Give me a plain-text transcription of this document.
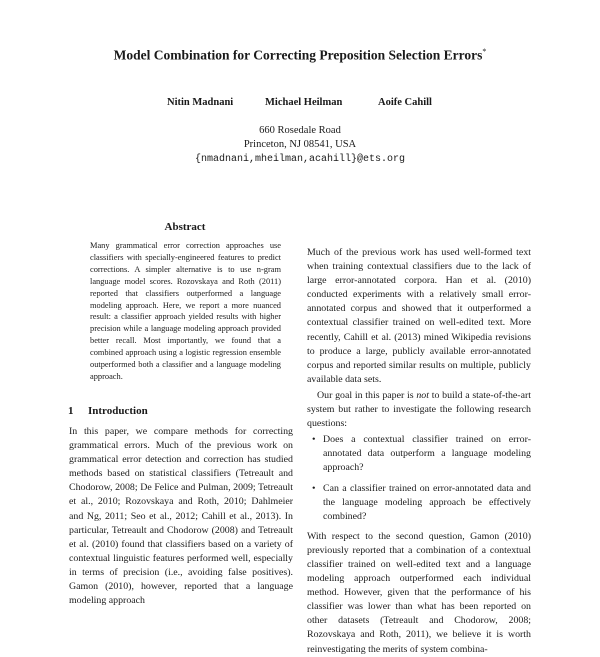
Model Combination for Correcting Preposition Selection Errors*
Nitin Madnani	Michael Heilman	Aoife Cahill
660 Rosedale Road
Princeton, NJ 08541, USA
{nmadnani,mheilman,acahill}@ets.org
Abstract

Many grammatical error correction approaches use classifiers with specially-engineered features to predict corrections. A simpler alternative is to use n-gram language model scores. Rozovskaya and Roth (2011) reported that classifiers outperformed a language modeling approach. Here, we report a more nuanced result: a classifier approach yielded results with higher precision while a language modeling approach provided better recall. Most importantly, we found that a combined approach using a logistic regression ensemble outperformed both a classifier and a language modeling approach.

1 Introduction

In this paper, we compare methods for correcting grammatical errors. Much of the previous work on grammatical error detection and correction has studied methods based on statistical classifiers (Tetreault and Chodorow, 2008; De Felice and Pulman, 2009; Tetreault et al., 2010; Rozovskaya and Roth, 2010; Dahlmeier and Ng, 2011; Seo et al., 2012; Cahill et al., 2013). In particular, Tetreault and Chodorow (2008) and Tetreault et al. (2010) found that classifiers based on a variety of contextual linguistic features performed well, especially in terms of precision (i.e., avoiding false positives). Gamon (2010), however, reported that a language modeling approach

Much of the previous work has used well-formed text when training contextual classifiers due to the lack of large error-annotated corpora. Han et al. (2010) conducted experiments with a relatively small error-annotated corpus and showed that it outperformed a contextual classifier trained on well-edited text. More recently, Cahill et al. (2013) mined Wikipedia revisions to produce a large, publicly available error-annotated corpus and reported similar results on multiple, publicly available data sets.

Our goal in this paper is not to build a state-of-the-art system but rather to investigate the following research questions:

• Does a contextual classifier trained on error-annotated data outperform a language modeling approach?
• Can a classifier trained on error-annotated data and the language modeling approach be effectively combined?

With respect to the second question, Gamon (2010) previously reported that a combination of a contextual classifier trained on well-edited text and a language modeling approach outperformed each individual method. However, given that the performance of his classifier was lower than what has been reported on other datasets (Tetreault and Chodorow, 2008; Rozovskaya and Roth, 2011), we believe it is worth reinvestigating the merits of system combina-
